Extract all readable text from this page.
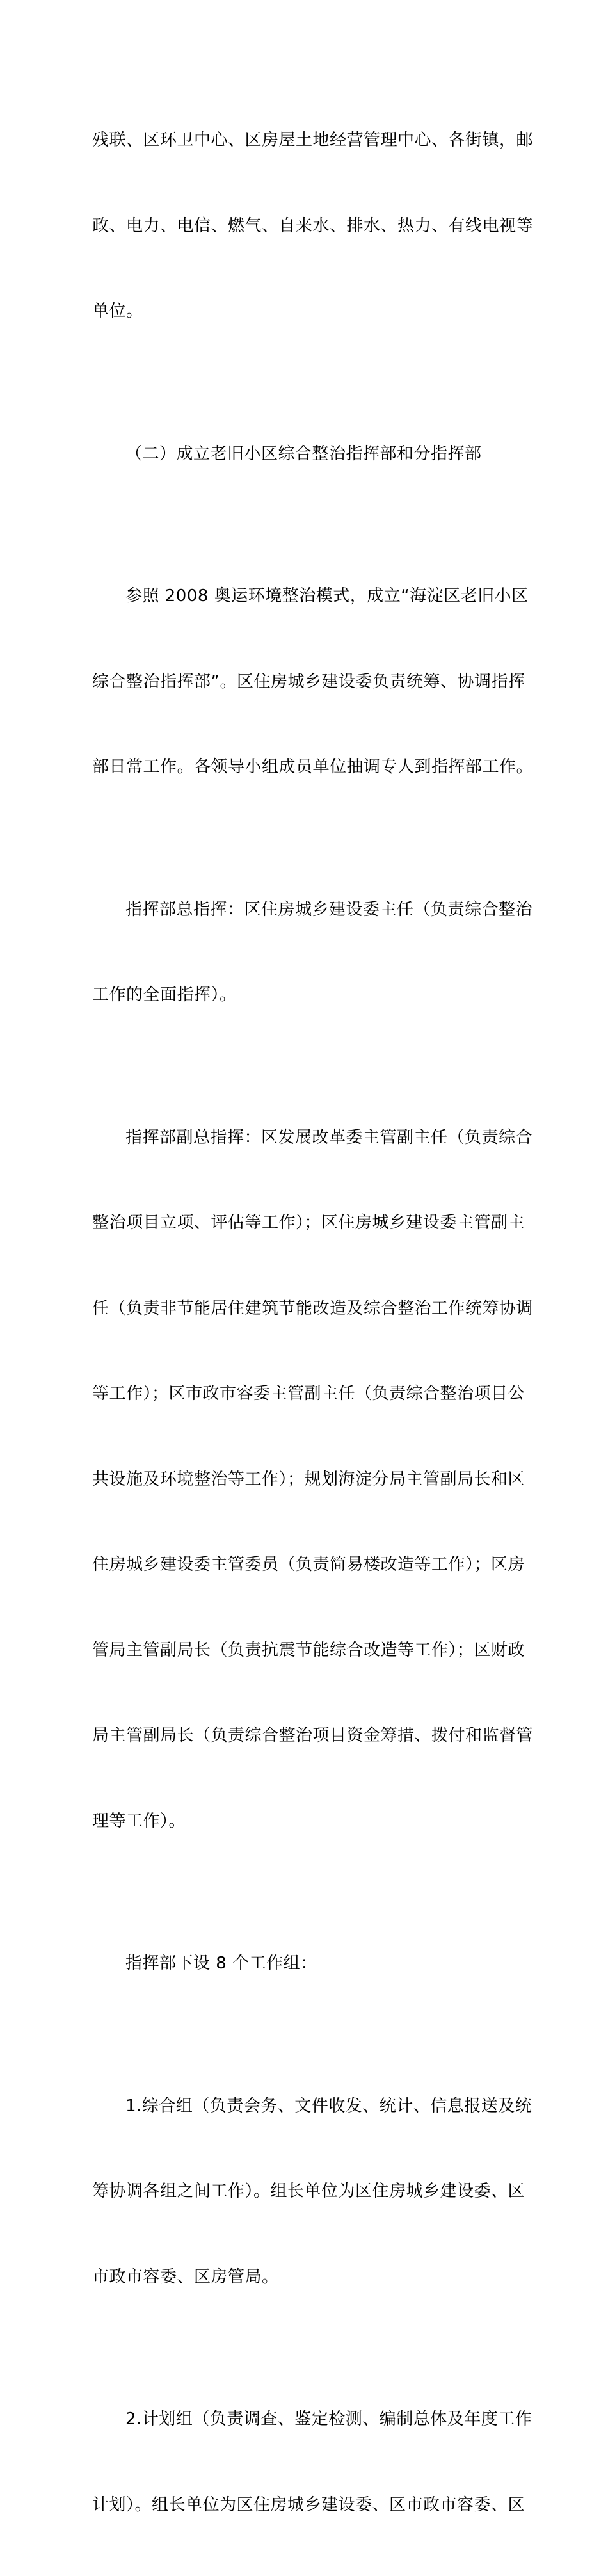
残联、区环卫中心、区房屋土地经营管理中心、各街镇，邮

政、电力、电信、燃气、自来水、排水、热力、有线电视等

单位。

（二）成立老旧小区综合整治指挥部和分指挥部

参照 2008 奥运环境整治模式，成立“海淀区老旧小区

综合整治指挥部”。区住房城乡建设委负责统筹、协调指挥

部日常工作。各领导小组成员单位抽调专人到指挥部工作。

指挥部总指挥：区住房城乡建设委主任（负责综合整治

工作的全面指挥）。

指挥部副总指挥：区发展改革委主管副主任（负责综合

整治项目立项、评估等工作）；区住房城乡建设委主管副主

任（负责非节能居住建筑节能改造及综合整治工作统筹协调

等工作）；区市政市容委主管副主任（负责综合整治项目公

共设施及环境整治等工作）；规划海淀分局主管副局长和区

住房城乡建设委主管委员（负责简易楼改造等工作）；区房

管局主管副局长（负责抗震节能综合改造等工作）；区财政

局主管副局长（负责综合整治项目资金筹措、拨付和监督管

理等工作）。

指挥部下设 8 个工作组：

1.综合组（负责会务、文件收发、统计、信息报送及统

筹协调各组之间工作）。组长单位为区住房城乡建设委、区

市政市容委、区房管局。

2.计划组（负责调查、鉴定检测、编制总体及年度工作

计划）。组长单位为区住房城乡建设委、区市政市容委、区
